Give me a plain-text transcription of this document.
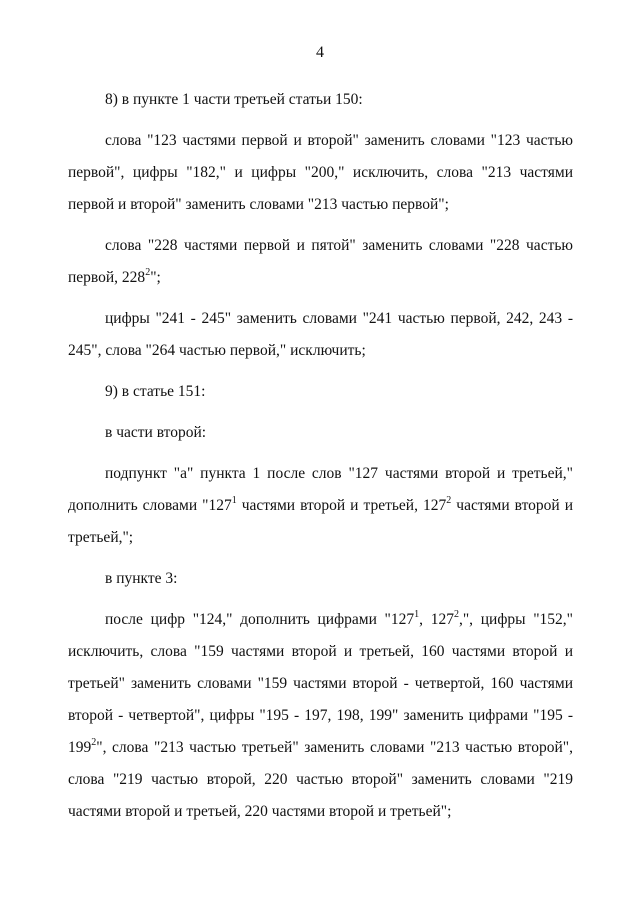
4

8) в пункте 1 части третьей статьи 150:

слова "123 частями первой и второй" заменить словами "123 частью первой", цифры "182," и цифры "200," исключить, слова "213 частями первой и второй" заменить словами "213 частью первой";

слова "228 частями первой и пятой" заменить словами "228 частью первой, $228^2$";

цифры "241 - 245" заменить словами "241 частью первой, 242, 243 - 245", слова "264 частью первой," исключить;

9) в статье 151:

в части второй:

подпункт "а" пункта 1 после слов "127 частями второй и третьей," дополнить словами "$127^1$ частями второй и третьей, $127^2$ частями второй и третьей,";

в пункте 3:

после цифр "124," дополнить цифрами "$127^1$, $127^2$,", цифры "152," исключить, слова "159 частями второй и третьей, 160 частями второй и третьей" заменить словами "159 частями второй - четвертой, 160 частями второй - четвертой", цифры "195 - 197, 198, 199" заменить цифрами "$195 - 199^2$", слова "213 частью третьей" заменить словами "213 частью второй", слова "219 частью второй, 220 частью второй" заменить словами "219 частями второй и третьей, 220 частями второй и третьей";
